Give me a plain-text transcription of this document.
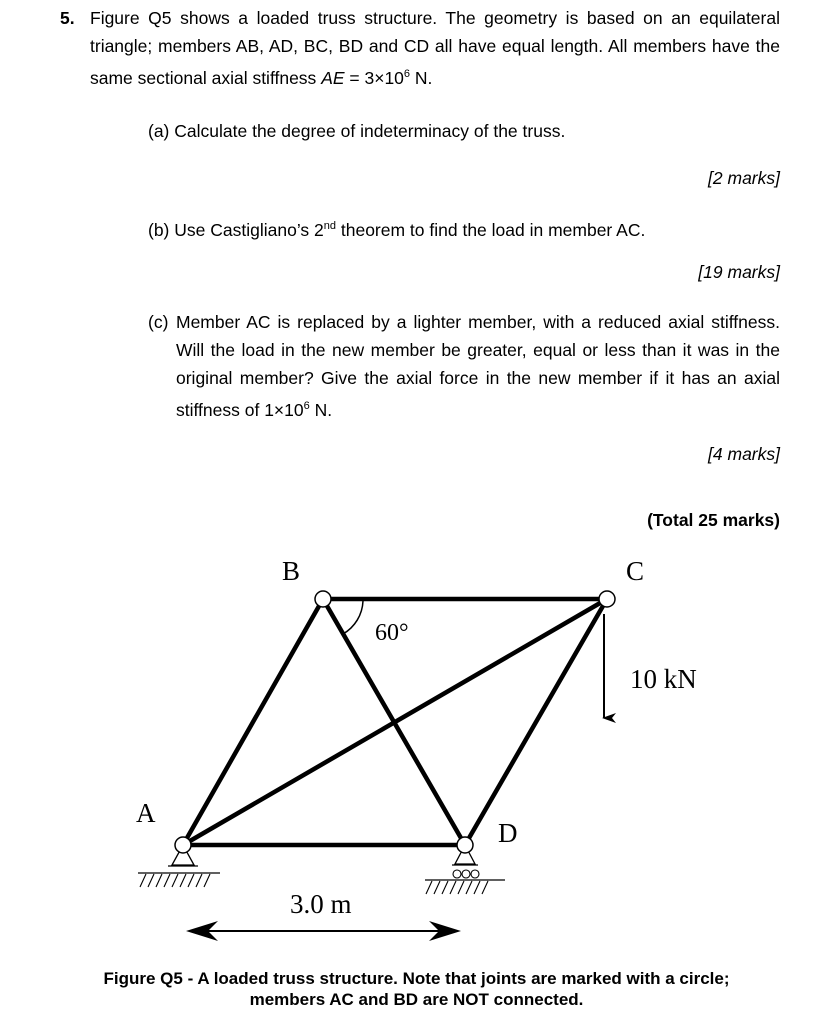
5. Figure Q5 shows a loaded truss structure. The geometry is based on an equilateral triangle; members AB, AD, BC, BD and CD all have equal length. All members have the same sectional axial stiffness AE = $3\times 10^6$ N.
(a) Calculate the degree of indeterminacy of the truss.
[2 marks]
(b) Use Castigliano’s 2nd theorem to find the load in member AC.
[19 marks]
(c) Member AC is replaced by a lighter member, with a reduced axial stiffness. Will the load in the new member be greater, equal or less than it was in the original member? Give the axial force in the new member if it has an axial stiffness of $1\times 10^6$ N.
[4 marks]
(Total 25 marks)
60°
A
B	C
D
10 kN
3.0 m
Figure Q5 - A loaded truss structure. Note that joints are marked with a circle;
members AC and BD are NOT connected.
